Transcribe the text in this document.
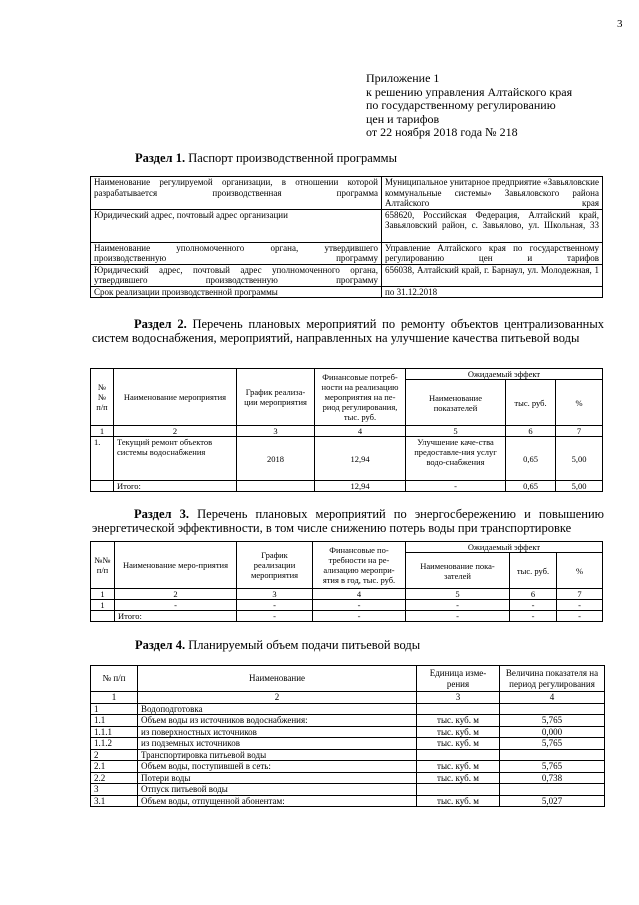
3
Приложение 1
к решению управления Алтайского края
по государственному регулированию
цен и тарифов
от 22 ноября 2018 года № 218
Раздел 1. Паспорт производственной программы
Наименование регулируемой организации, в отношении которой разрабатывается производственная программа	Муниципальное унитарное предприятие «Завьяловские коммунальные системы» Завьяловского района Алтайского края
Юридический адрес, почтовый адрес организации	658620, Российская Федерация, Алтайский край, Завьяловский район, с. Завьялово, ул. Школьная, 33
Наименование уполномоченного органа, утвердившего производственную программу	Управление Алтайского края по государственному регулированию цен и тарифов
Юридический адрес, почтовый адрес уполномоченного органа, утвердившего производственную программу	656038, Алтайский край, г. Барнаул, ул. Молодежная, 1
Срок реализации производственной программы	по 31.12.2018
Раздел 2. Перечень плановых мероприятий по ремонту объектов централизованных систем водоснабжения, мероприятий, направленных на улучшение качества питьевой воды
№№ п/п	Наименование мероприятия	График реализа-ции мероприятия	Финансовые потреб-ности на реализацию мероприятия на пе-риод регулирования, тыс. руб.	Ожидаемый эффект		
				Наименование показателей	тыс. руб.	%
1	2	3	4	5	6	7
1.	Текущий ремонт объектов системы водоснабжения	2018	12,94	Улучшение каче-ства предоставле-ния услуг водо-снабжения	0,65	5,00
	Итого:		12,94	-	0,65	5,00
Раздел 3. Перечень плановых мероприятий по энергосбережению и повышению энергетической эффективности, в том числе снижению потерь воды при транспортировке
№№ п/п	Наименование меро-приятия	График реализации мероприятия	Финансовые по-требности на ре-ализацию меропри-ятия в год, тыс. руб.	Ожидаемый эффект		
				Наименование пока-зателей	тыс. руб.	%
1	2	3	4	5	6	7
1	-	-	-	-	-	-
	Итого:	-	-	-	-	-
Раздел 4. Планируемый объем подачи питьевой воды
№ п/п	Наименование	Единица изме-рения	Величина показателя на период регулирования
1	2	3	4
1	Водоподготовка		
1.1	Объем воды из источников водоснабжения:	тыс. куб. м	5,765
1.1.1	из поверхностных источников	тыс. куб. м	0,000
1.1.2	из подземных источников	тыс. куб. м	5,765
2	Транспортировка питьевой воды		
2.1	Объем воды, поступившей в сеть:	тыс. куб. м	5,765
2.2	Потери воды	тыс. куб. м	0,738
3	Отпуск питьевой воды		
3.1	Объем воды, отпущенной абонентам:	тыс. куб. м	5,027
